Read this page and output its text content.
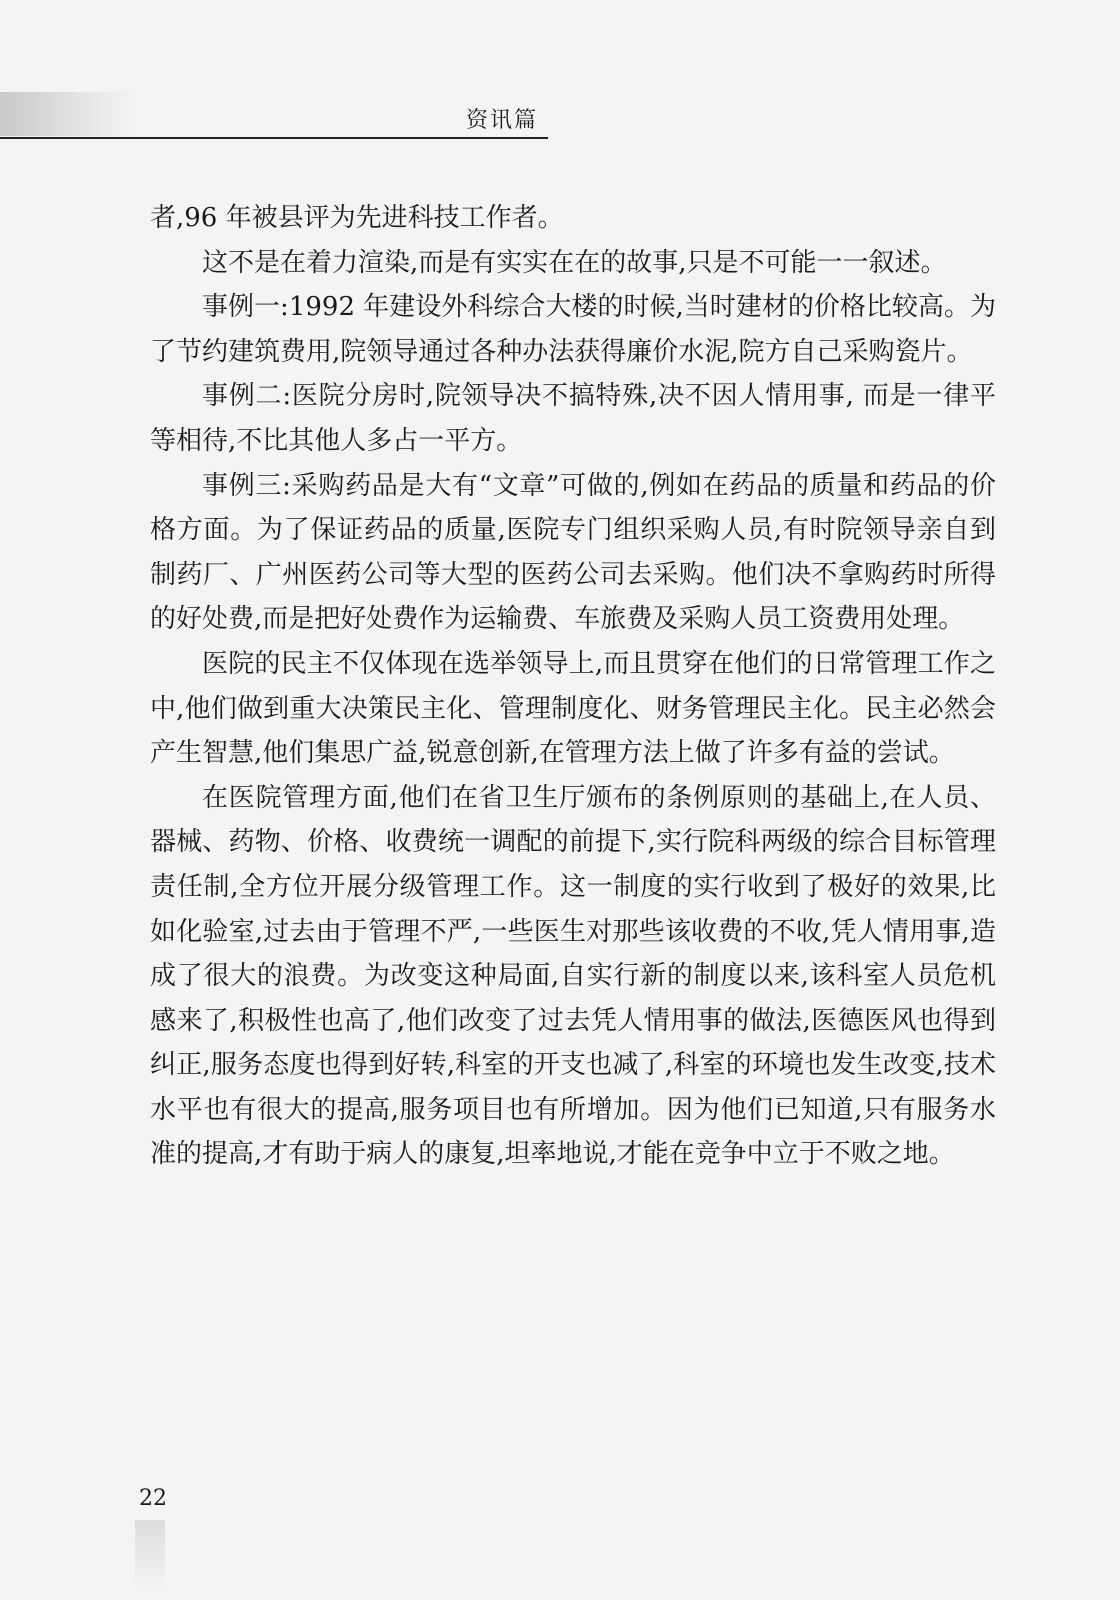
资讯篇

者,96 年被县评为先进科技工作者。

这不是在着力渲染,而是有实实在在的故事,只是不可能一一叙述。

事例一:1992 年建设外科综合大楼的时候,当时建材的价格比较高。为了节约建筑费用,院领导通过各种办法获得廉价水泥,院方自己采购瓷片。

事例二:医院分房时,院领导决不搞特殊,决不因人情用事, 而是一律平等相待,不比其他人多占一平方。

事例三:采购药品是大有“文章”可做的,例如在药品的质量和药品的价格方面。为了保证药品的质量,医院专门组织采购人员,有时院领导亲自到制药厂、广州医药公司等大型的医药公司去采购。他们决不拿购药时所得的好处费,而是把好处费作为运输费、车旅费及采购人员工资费用处理。

医院的民主不仅体现在选举领导上,而且贯穿在他们的日常管理工作之中,他们做到重大决策民主化、管理制度化、财务管理民主化。民主必然会产生智慧,他们集思广益,锐意创新,在管理方法上做了许多有益的尝试。

在医院管理方面,他们在省卫生厅颁布的条例原则的基础上,在人员、器械、药物、价格、收费统一调配的前提下,实行院科两级的综合目标管理责任制,全方位开展分级管理工作。这一制度的实行收到了极好的效果,比如化验室,过去由于管理不严,一些医生对那些该收费的不收,凭人情用事,造成了很大的浪费。为改变这种局面,自实行新的制度以来,该科室人员危机感来了,积极性也高了,他们改变了过去凭人情用事的做法,医德医风也得到纠正,服务态度也得到好转,科室的开支也减了,科室的环境也发生改变,技术水平也有很大的提高,服务项目也有所增加。因为他们已知道,只有服务水准的提高,才有助于病人的康复,坦率地说,才能在竞争中立于不败之地。

22
